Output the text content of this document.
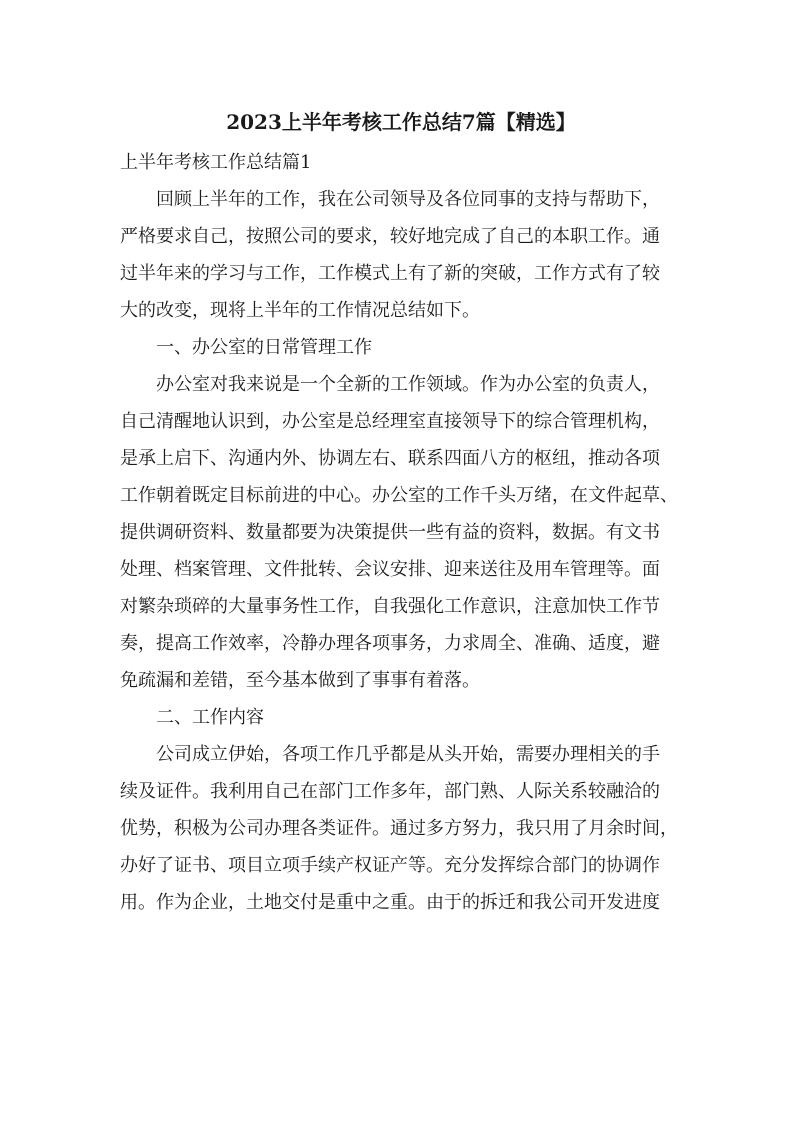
2023上半年考核工作总结7篇【精选】
上半年考核工作总结篇1
回顾上半年的工作，我在公司领导及各位同事的支持与帮助下，
严格要求自己，按照公司的要求，较好地完成了自己的本职工作。通
过半年来的学习与工作，工作模式上有了新的突破，工作方式有了较
大的改变，现将上半年的工作情况总结如下。
一、办公室的日常管理工作
办公室对我来说是一个全新的工作领域。作为办公室的负责人，
自己清醒地认识到，办公室是总经理室直接领导下的综合管理机构，
是承上启下、沟通内外、协调左右、联系四面八方的枢纽，推动各项
工作朝着既定目标前进的中心。办公室的工作千头万绪，在文件起草、
提供调研资料、数量都要为决策提供一些有益的资料，数据。有文书
处理、档案管理、文件批转、会议安排、迎来送往及用车管理等。面
对繁杂琐碎的大量事务性工作，自我强化工作意识，注意加快工作节
奏，提高工作效率，冷静办理各项事务，力求周全、准确、适度，避
免疏漏和差错，至今基本做到了事事有着落。
二、工作内容
公司成立伊始，各项工作几乎都是从头开始，需要办理相关的手
续及证件。我利用自己在部门工作多年，部门熟、人际关系较融洽的
优势，积极为公司办理各类证件。通过多方努力，我只用了月余时间，
办好了证书、项目立项手续产权证产等。充分发挥综合部门的协调作
用。作为企业，土地交付是重中之重。由于的拆迁和我公司开发进度
